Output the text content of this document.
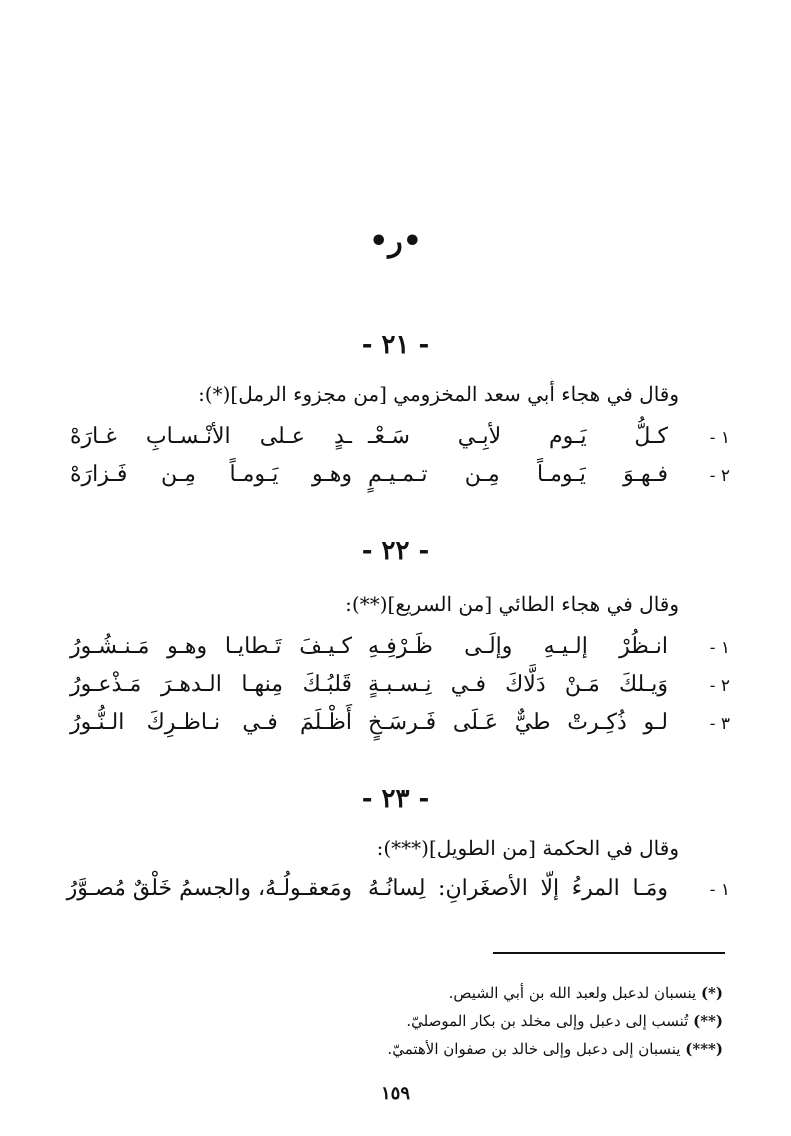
•ر•
- ٢١ -
وقال في هجاء أبي سعد المخزومي [من مجزوء الرمل](*):
١ -
كـلُّ يَـوم لأبِـي سَـعْـ
ـدٍ عـلى الأنْـسـابِ غـارَهْ
٢ -
فـهـوَ يَـومـاً مِـن تـمـيـمٍ
وهـو يَـومـاً مِـن فَـزارَهْ
- ٢٢ -
وقال في هجاء الطائي [من السريع](**):
١ -
انـظُرْ إلـيـهِ وإلَـى ظَـرْفِـهِ
كـيـفَ تَـطايـا وهـو مَـنـشُـورُ
٢ -
وَيـلكَ مَـنْ دَلَّاكَ فـي نِـسـبـةٍ
قَلبُـكَ مِنهـا الـدهـرَ مَـذْعـورُ
٣ -
لـو ذُكِـرتْ طيٌّ عَـلَى فَـرسَـخٍ
أَظْـلَمَ فـي نـاظـرِكَ الـنُّـورُ
- ٢٣ -
وقال في الحكمة [من الطويل](***):
١ -
ومَـا المرءُ إلّا الأصغَرانِ: لِسانُـهُ
ومَعقـولُـهُ، والجسمُ خَلْقٌ مُصـوَّرُ
(*) ينسبان لدعبل ولعبد الله بن أبي الشيص.
(**) تُنسب إلى دعبل وإلى مخلد بن بكار الموصليّ.
(***) ينسبان إلى دعبل وإلى خالد بن صفوان الأهتميّ.
١٥٩
